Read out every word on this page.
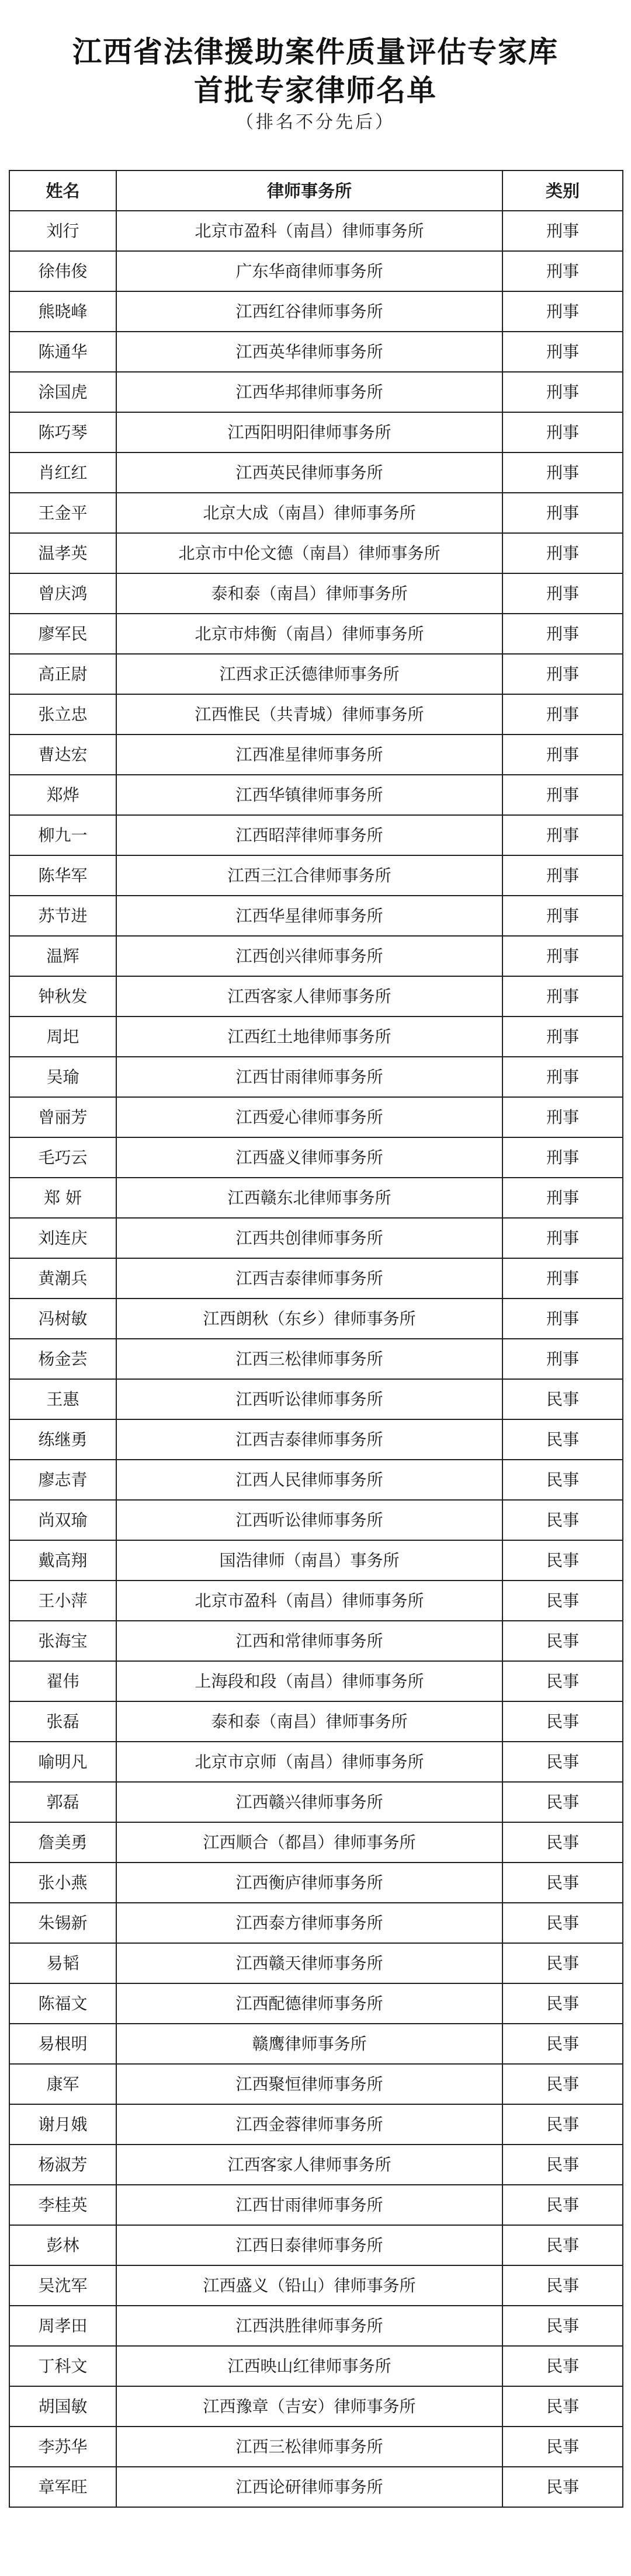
江西省法律援助案件质量评估专家库
首批专家律师名单
（排名不分先后）
姓名	律师事务所	类别
刘行	北京市盈科（南昌）律师事务所	刑事
徐伟俊	广东华商律师事务所	刑事
熊晓峰	江西红谷律师事务所	刑事
陈通华	江西英华律师事务所	刑事
涂国虎	江西华邦律师事务所	刑事
陈巧琴	江西阳明阳律师事务所	刑事
肖红红	江西英民律师事务所	刑事
王金平	北京大成（南昌）律师事务所	刑事
温孝英	北京市中伦文德（南昌）律师事务所	刑事
曾庆鸿	泰和泰（南昌）律师事务所	刑事
廖军民	北京市炜衡（南昌）律师事务所	刑事
高正尉	江西求正沃德律师事务所	刑事
张立忠	江西惟民（共青城）律师事务所	刑事
曹达宏	江西准星律师事务所	刑事
郑烨	江西华镇律师事务所	刑事
柳九一	江西昭萍律师事务所	刑事
陈华军	江西三江合律师事务所	刑事
苏节进	江西华星律师事务所	刑事
温辉	江西创兴律师事务所	刑事
钟秋发	江西客家人律师事务所	刑事
周圯	江西红土地律师事务所	刑事
吴瑜	江西甘雨律师事务所	刑事
曾丽芳	江西爱心律师事务所	刑事
毛巧云	江西盛义律师事务所	刑事
郑 妍	江西赣东北律师事务所	刑事
刘连庆	江西共创律师事务所	刑事
黄潮兵	江西吉泰律师事务所	刑事
冯树敏	江西朗秋（东乡）律师事务所	刑事
杨金芸	江西三松律师事务所	刑事
王惠	江西听讼律师事务所	民事
练继勇	江西吉泰律师事务所	民事
廖志青	江西人民律师事务所	民事
尚双瑜	江西听讼律师事务所	民事
戴高翔	国浩律师（南昌）事务所	民事
王小萍	北京市盈科（南昌）律师事务所	民事
张海宝	江西和常律师事务所	民事
翟伟	上海段和段（南昌）律师事务所	民事
张磊	泰和泰（南昌）律师事务所	民事
喻明凡	北京市京师（南昌）律师事务所	民事
郭磊	江西赣兴律师事务所	民事
詹美勇	江西顺合（都昌）律师事务所	民事
张小燕	江西衡庐律师事务所	民事
朱锡新	江西泰方律师事务所	民事
易韬	江西赣天律师事务所	民事
陈福文	江西配德律师事务所	民事
易根明	赣鹰律师事务所	民事
康军	江西聚恒律师事务所	民事
谢月娥	江西金蓉律师事务所	民事
杨淑芳	江西客家人律师事务所	民事
李桂英	江西甘雨律师事务所	民事
彭林	江西日泰律师事务所	民事
吴沈军	江西盛义（铅山）律师事务所	民事
周孝田	江西洪胜律师事务所	民事
丁科文	江西映山红律师事务所	民事
胡国敏	江西豫章（吉安）律师事务所	民事
李苏华	江西三松律师事务所	民事
章军旺	江西论研律师事务所	民事
